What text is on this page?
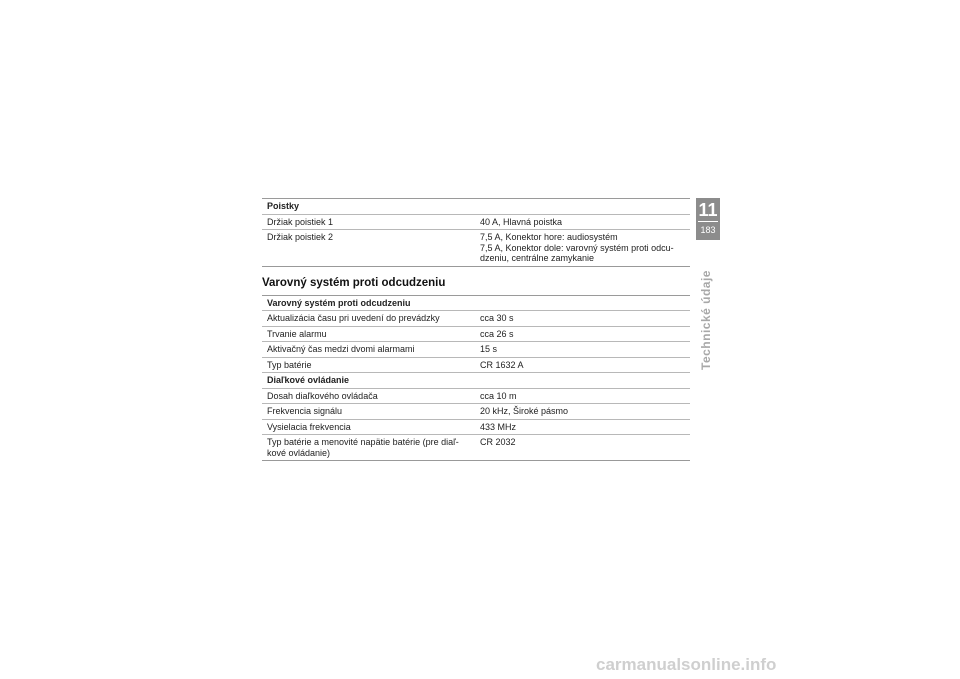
Poistky	
Držiak poistiek 1	40 A, Hlavná poistka
Držiak poistiek 2	7,5 A, Konektor hore: audiosystém
7,5 A, Konektor dole: varovný systém proti odcu-
dzeniu, centrálne zamykanie
Varovný systém proti odcudzeniu
Varovný systém proti odcudzeniu	
Aktualizácia času pri uvedení do prevádzky	cca 30 s
Trvanie alarmu	cca 26 s
Aktivačný čas medzi dvomi alarmami	15 s
Typ batérie	CR 1632 A
Diaľkové ovládanie	
Dosah diaľkového ovládača	cca 10 m
Frekvencia signálu	20 kHz, Široké pásmo
Vysielacia frekvencia	433 MHz
Typ batérie a menovité napätie batérie (pre diaľ-
kové ovládanie)	CR 2032
11
183
Technické údaje
carmanualsonline.info
